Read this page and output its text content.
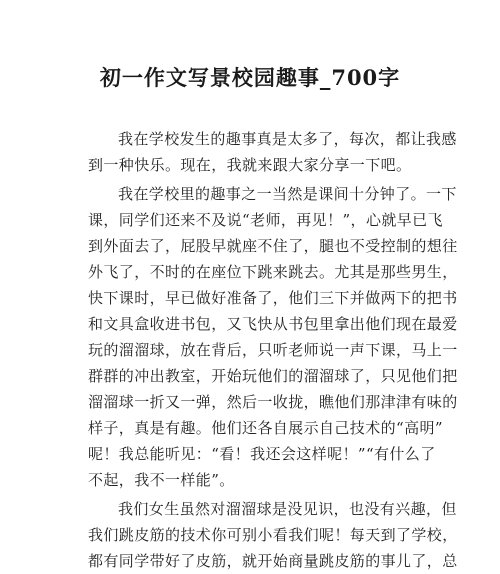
初一作文写景校园趣事_700字
我在学校发生的趣事真是太多了，每次，都让我感
到一种快乐。现在，我就来跟大家分享一下吧。
我在学校里的趣事之一当然是课间十分钟了。一下
课，同学们还来不及说“老师，再见！”，心就早已飞
到外面去了，屁股早就座不住了，腿也不受控制的想往
外飞了，不时的在座位下跳来跳去。尤其是那些男生，
快下课时，早已做好准备了，他们三下并做两下的把书
和文具盒收进书包，又飞快从书包里拿出他们现在最爱
玩的溜溜球，放在背后，只听老师说一声下课，马上一
群群的冲出教室，开始玩他们的溜溜球了，只见他们把
溜溜球一折又一弹，然后一收拢，瞧他们那津津有味的
样子，真是有趣。他们还各自展示自己技术的“高明”
呢！我总能听见：“看！我还会这样呢！”“有什么了
不起，我不一样能”。
我们女生虽然对溜溜球是没见识，也没有兴趣，但
我们跳皮筋的技术你可别小看我们呢！每天到了学校，
都有同学带好了皮筋，就开始商量跳皮筋的事儿了，总
